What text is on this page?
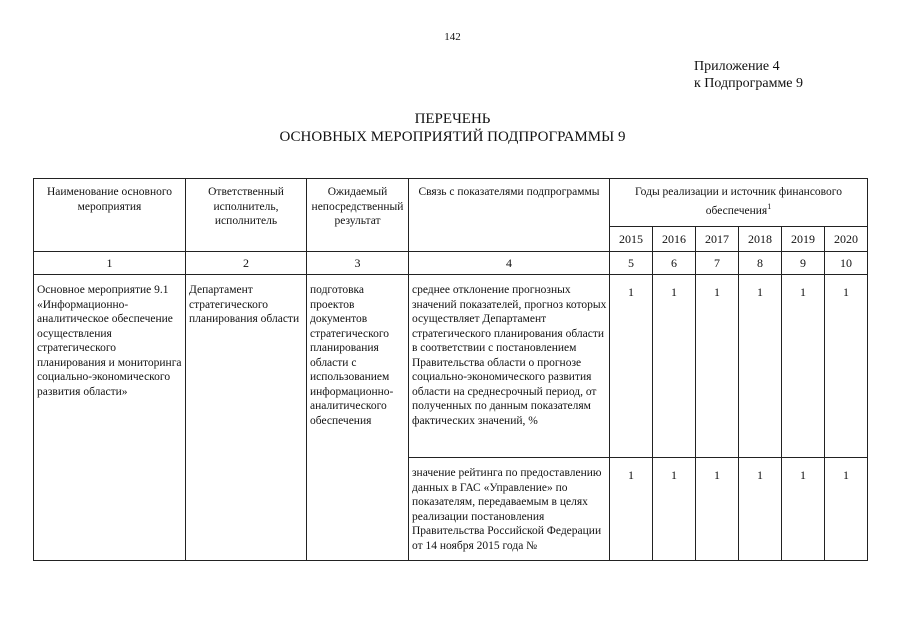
142
Приложение 4
к Подпрограмме 9
ПЕРЕЧЕНЬ
ОСНОВНЫХ МЕРОПРИЯТИЙ ПОДПРОГРАММЫ 9
Наименование основного мероприятия	Ответственный исполнитель, исполнитель	Ожидаемый непосредственный результат	Связь с показателями подпрограммы	Годы реализации и источник финансового обеспечения$^1$
				2015	2016	2017	2018	2019	2020
1	2	3	4	5	6	7	8	9	10
Основное мероприятие 9.1 «Информационно-аналитическое обеспечение осуществления стратегического планирования и мониторинга социально-экономического развития области»	Департамент стратегического планирования области	подготовка проектов документов стратегического планирования области с использованием информационно-аналитического обеспечения	среднее отклонение прогнозных значений показателей, прогноз которых осуществляет Департамент стратегического планирования области в соответствии с постановлением Правительства области о прогнозе социально-экономического развития области на среднесрочный период, от полученных по данным показателям фактических значений, %	1	1	1	1	1	1
			значение рейтинга по предоставлению данных в ГАС «Управление» по показателям, передаваемым в целях реализации постановления Правительства Российской Федерации от 14 ноября 2015 года №	1	1	1	1	1	1
